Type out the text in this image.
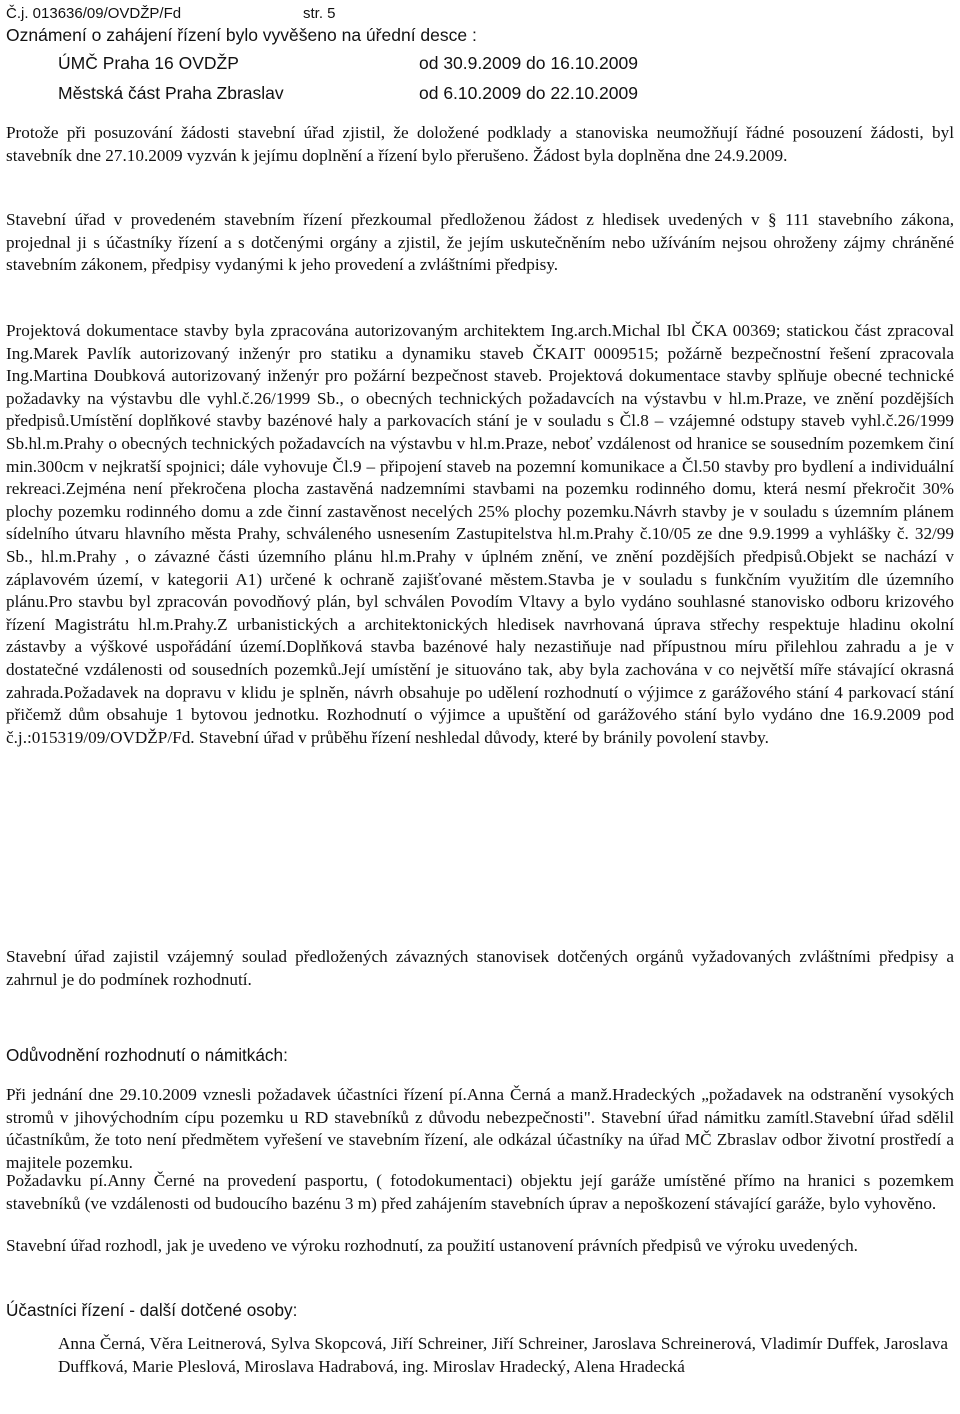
Č.j. 013636/09/OVDŽP/Fd	str. 5
Oznámení o zahájení řízení bylo vyvěšeno na úřední desce :
ÚMČ Praha 16 OVDŽP	od 30.9.2009 do 16.10.2009
Městská část Praha Zbraslav	od 6.10.2009 do 22.10.2009

Protože při posuzování žádosti stavební úřad zjistil, že doložené podklady a stanoviska neumožňují řádné posouzení žádosti, byl stavebník dne 27.10.2009 vyzván k jejímu doplnění a řízení bylo přerušeno. Žádost byla doplněna dne 24.9.2009.

Stavební úřad v provedeném stavebním řízení přezkoumal předloženou žádost z hledisek uvedených v § 111 stavebního zákona, projednal ji s účastníky řízení a s dotčenými orgány a zjistil, že jejím uskutečněním nebo užíváním nejsou ohroženy zájmy chráněné stavebním zákonem, předpisy vydanými k jeho provedení a zvláštními předpisy.

Projektová dokumentace stavby byla zpracována autorizovaným architektem Ing.arch.Michal Ibl ČKA 00369; statickou část zpracoval Ing.Marek Pavlík autorizovaný inženýr pro statiku a dynamiku staveb ČKAIT 0009515; požárně bezpečnostní řešení zpracovala Ing.Martina Doubková autorizovaný inženýr pro požární bezpečnost staveb. Projektová dokumentace stavby splňuje obecné technické požadavky na výstavbu dle vyhl.č.26/1999 Sb., o obecných technických požadavcích na výstavbu v hl.m.Praze, ve znění pozdějších předpisů.Umístění doplňkové stavby bazénové haly a parkovacích stání je v souladu s Čl.8 – vzájemné odstupy staveb vyhl.č.26/1999 Sb.hl.m.Prahy o obecných technických požadavcích na výstavbu v hl.m.Praze, neboť vzdálenost od hranice se sousedním pozemkem činí min.300cm v nejkratší spojnici; dále vyhovuje Čl.9 – připojení staveb na pozemní komunikace a Čl.50 stavby pro bydlení a individuální rekreaci.Zejména není překročena plocha zastavěná nadzemními stavbami na pozemku rodinného domu, která nesmí překročit 30% plochy pozemku rodinného domu a zde činní zastavěnost necelých 25% plochy pozemku.Návrh stavby je v souladu s územním plánem sídelního útvaru hlavního města Prahy, schváleného usnesením Zastupitelstva hl.m.Prahy č.10/05 ze dne 9.9.1999 a vyhlášky č. 32/99 Sb., hl.m.Prahy , o závazné části územního plánu hl.m.Prahy v úplném znění, ve znění pozdějších předpisů.Objekt se nachází v záplavovém území, v kategorii A1) určené k ochraně zajišťované městem.Stavba je v souladu s funkčním využitím dle územního plánu.Pro stavbu byl zpracován povodňový plán, byl schválen Povodím Vltavy a bylo vydáno souhlasné stanovisko odboru krizového řízení Magistrátu hl.m.Prahy.Z urbanistických a architektonických hledisek navrhovaná úprava střechy respektuje hladinu okolní zástavby a výškové uspořádání území.Doplňková stavba bazénové haly nezastiňuje nad přípustnou míru přilehlou zahradu a je v dostatečné vzdálenosti od sousedních pozemků.Její umístění je situováno tak, aby byla zachována v co největší míře stávající okrasná zahrada.Požadavek na dopravu v klidu je splněn, návrh obsahuje po udělení rozhodnutí o výjimce z garážového stání 4 parkovací stání přičemž dům obsahuje 1 bytovou jednotku. Rozhodnutí o výjimce a upuštění od garážového stání bylo vydáno dne 16.9.2009 pod č.j.:015319/09/OVDŽP/Fd. Stavební úřad v průběhu řízení neshledal důvody, které by bránily povolení stavby.

Stavební úřad zajistil vzájemný soulad předložených závazných stanovisek dotčených orgánů vyžadovaných zvláštními předpisy a zahrnul je do podmínek rozhodnutí.

Odůvodnění rozhodnutí o námitkách:

Při jednání dne 29.10.2009 vznesli požadavek účastníci řízení pí.Anna Černá a manž.Hradeckých „požadavek na odstranění vysokých stromů v jihovýchodním cípu pozemku u RD stavebníků z důvodu nebezpečnosti". Stavební úřad námitku zamítl.Stavební úřad sdělil účastníkům, že toto není předmětem vyřešení ve stavebním řízení, ale odkázal účastníky na úřad MČ Zbraslav odbor životní prostředí a majitele pozemku.

Požadavku pí.Anny Černé na provedení pasportu, ( fotodokumentaci) objektu její garáže umístěné přímo na hranici s pozemkem stavebníků (ve vzdálenosti od budoucího bazénu 3 m) před zahájením stavebních úprav a nepoškození stávající garáže, bylo vyhověno.

Stavební úřad rozhodl, jak je uvedeno ve výroku rozhodnutí, za použití ustanovení právních předpisů ve výroku uvedených.

Účastníci řízení - další dotčené osoby:

Anna Černá, Věra Leitnerová, Sylva Skopcová, Jiří Schreiner, Jiří Schreiner, Jaroslava Schreinerová, Vladimír Duffek, Jaroslava Duffková, Marie Pleslová, Miroslava Hadrabová, ing. Miroslav Hradecký, Alena Hradecká
